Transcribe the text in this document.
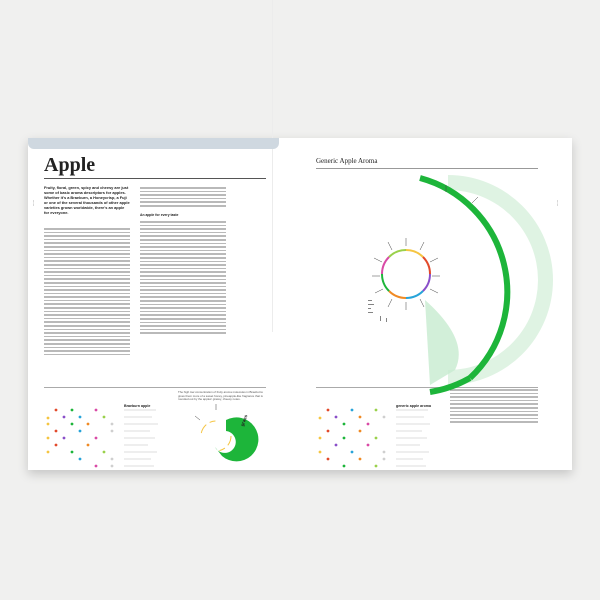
Apple
Fruity, floral, green, spicy and cheesy are just some of basic aroma descriptors for apples. Whether it's a Braeburn, a Honeycrisp, a Fuji or one of the several thousands of other apple varieties grown worldwide, there's an apple for everyone.	An apple for every taste
— —	— —
Generic Apple Aroma
Braeburn apple	generic apple aroma
The high low concentration of fruity aroma molecules in Braeburns gives them more of a sweet honey, pineapple-like fragrance that is rounded out by the apples' grassy, cheesy notes.
grass
